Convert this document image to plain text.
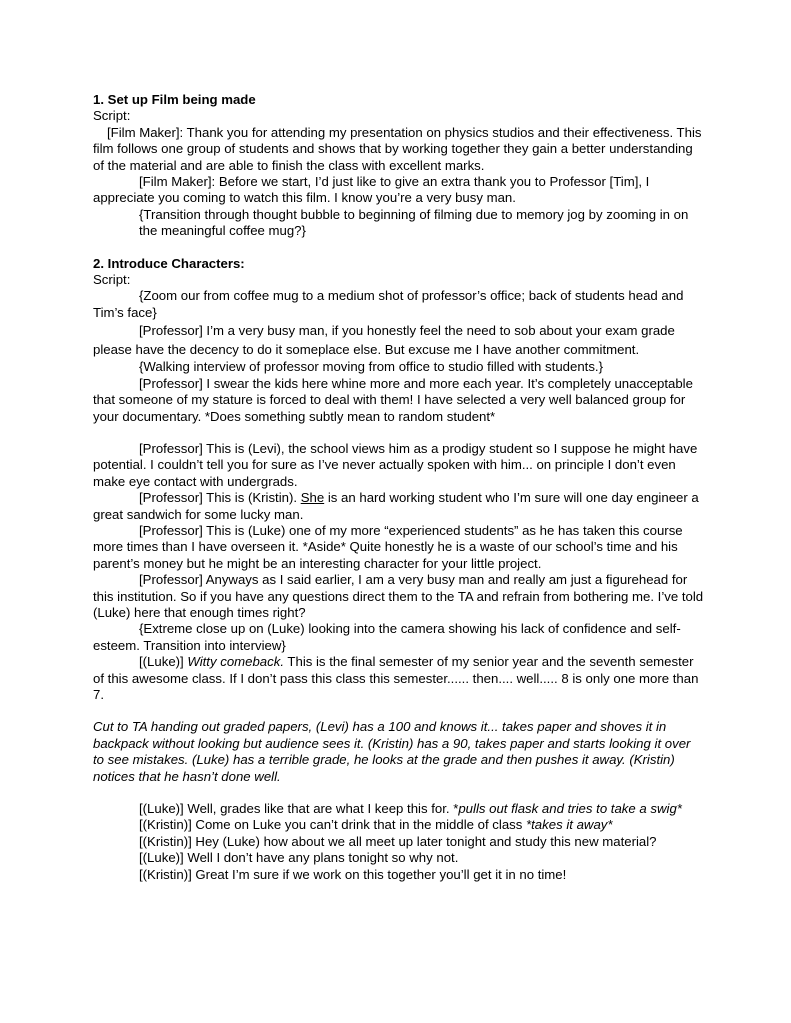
1. Set up Film being made

Script:

[Film Maker]: Thank you for attending my presentation on physics studios and their effectiveness. This film follows one group of students and shows that by working together they gain a better understanding of the material and are able to finish the class with excellent marks.

[Film Maker]: Before we start, I’d just like to give an extra thank you to Professor [Tim], I appreciate you coming to watch this film. I know you’re a very busy man.

{Transition through thought bubble to beginning of filming due to memory jog by zooming in on the meaningful coffee mug?}

2. Introduce Characters:

Script:

{Zoom our from coffee mug to a medium shot of professor’s office; back of students head and Tim’s face}

[Professor] I’m a very busy man, if you honestly feel the need to sob about your exam grade please have the decency to do it someplace else. But excuse me I have another commitment.

{Walking interview of professor moving from office to studio filled with students.}

[Professor] I swear the kids here whine more and more each year. It’s completely unacceptable that someone of my stature is forced to deal with them! I have selected a very well balanced group for your documentary. *Does something subtly mean to random student*

[Professor] This is (Levi), the school views him as a prodigy student so I suppose he might have potential. I couldn’t tell you for sure as I’ve never actually spoken with him... on principle I don’t even make eye contact with undergrads.

[Professor] This is (Kristin). She is an hard working student who I’m sure will one day engineer a great sandwich for some lucky man.

[Professor] This is (Luke) one of my more “experienced students” as he has taken this course more times than I have overseen it. *Aside* Quite honestly he is a waste of our school’s time and his parent’s money but he might be an interesting character for your little project.

[Professor] Anyways as I said earlier, I am a very busy man and really am just a figurehead for this institution. So if you have any questions direct them to the TA and refrain from bothering me. I’ve told (Luke) here that enough times right?

{Extreme close up on (Luke) looking into the camera showing his lack of confidence and self-esteem. Transition into interview}

[(Luke)] Witty comeback. This is the final semester of my senior year and the seventh semester of this awesome class. If I don’t pass this class this semester...... then.... well..... 8 is only one more than 7.

Cut to TA handing out graded papers, (Levi) has a 100 and knows it... takes paper and shoves it in backpack without looking but audience sees it. (Kristin) has a 90, takes paper and starts looking it over to see mistakes. (Luke) has a terrible grade, he looks at the grade and then pushes it away. (Kristin) notices that he hasn’t done well.

[(Luke)] Well, grades like that are what I keep this for. *pulls out flask and tries to take a swig*

[(Kristin)] Come on Luke you can’t drink that in the middle of class *takes it away*

[(Kristin)] Hey (Luke) how about we all meet up later tonight and study this new material?

[(Luke)] Well I don’t have any plans tonight so why not.

[(Kristin)] Great I’m sure if we work on this together you’ll get it in no time!
